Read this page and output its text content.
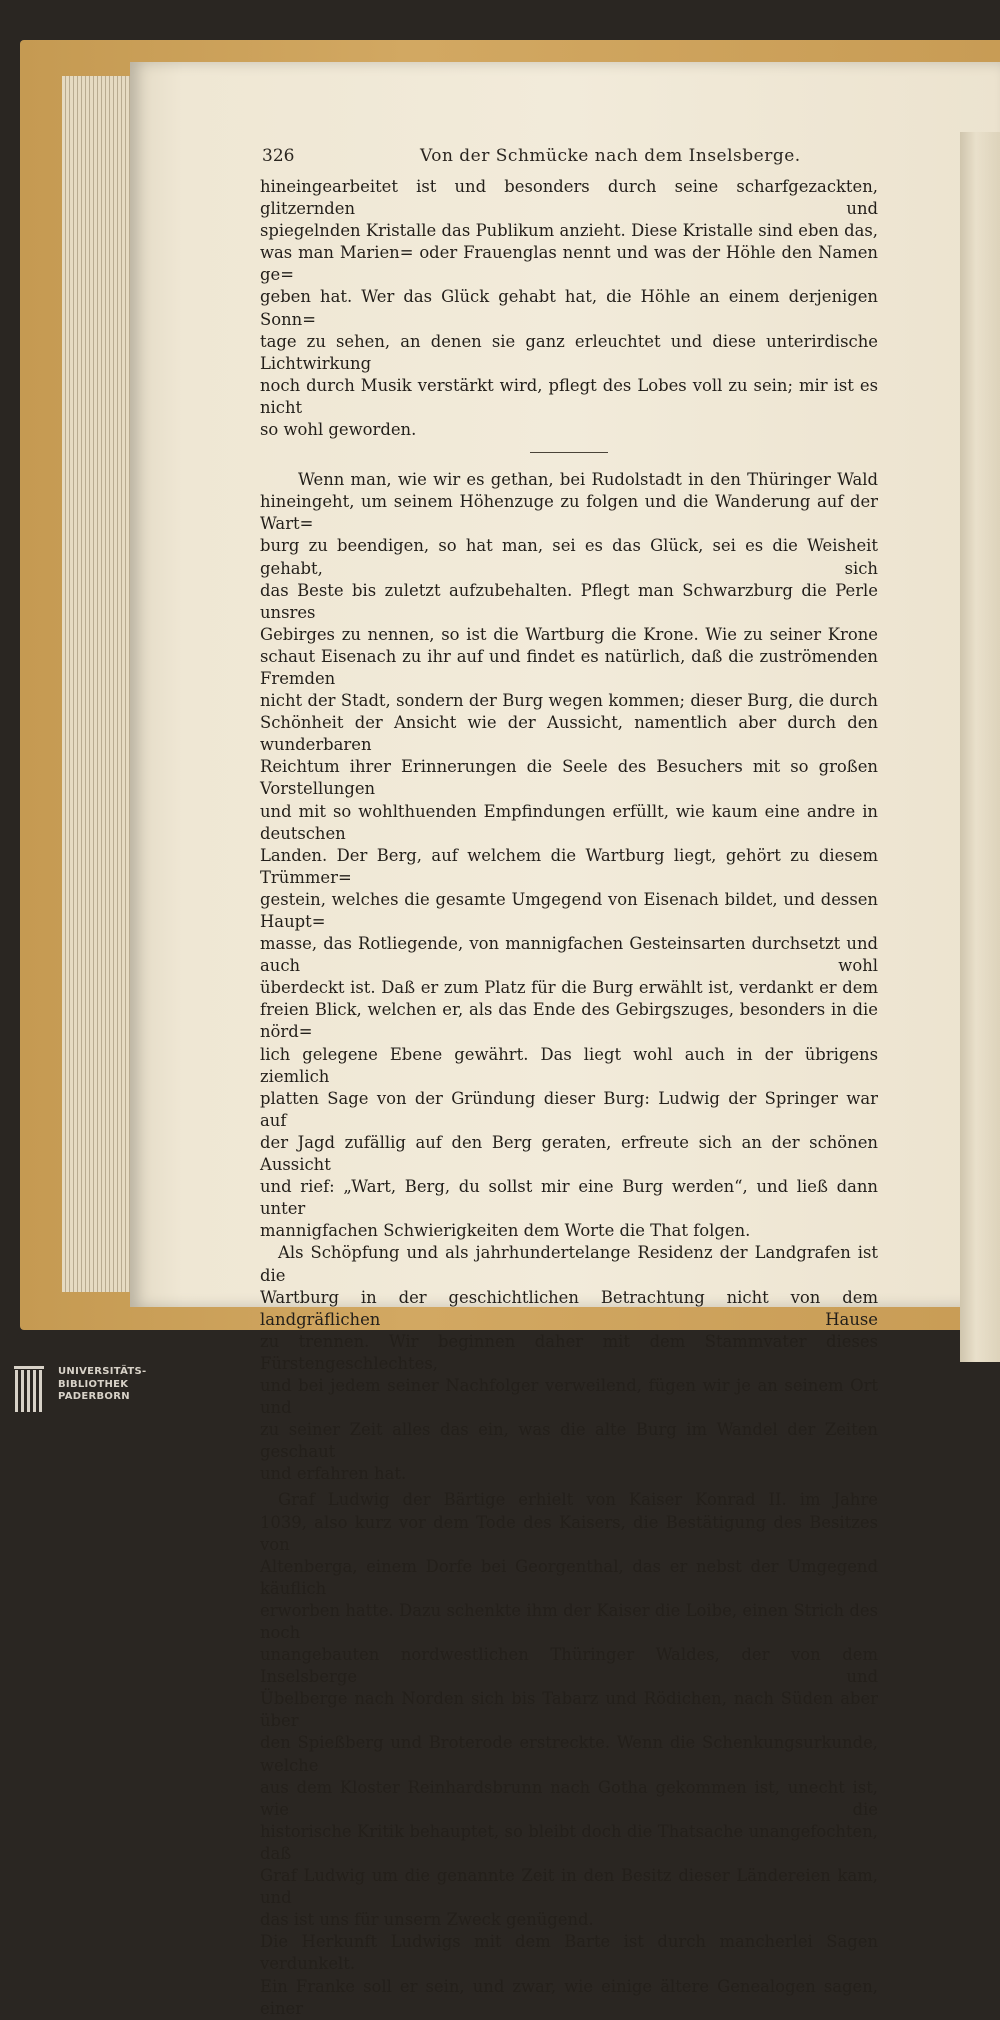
326	Von der Schmücke nach dem Inselsberge.

hineingearbeitet ist und besonders durch seine scharfgezackten, glitzernden und

spiegelnden Kristalle das Publikum anzieht. Diese Kristalle sind eben das,

was man Marien= oder Frauenglas nennt und was der Höhle den Namen ge=

geben hat. Wer das Glück gehabt hat, die Höhle an einem derjenigen Sonn=

tage zu sehen, an denen sie ganz erleuchtet und diese unterirdische Lichtwirkung

noch durch Musik verstärkt wird, pflegt des Lobes voll zu sein; mir ist es nicht

so wohl geworden.

Wenn man, wie wir es gethan, bei Rudolstadt in den Thüringer Wald

hineingeht, um seinem Höhenzuge zu folgen und die Wanderung auf der Wart=

burg zu beendigen, so hat man, sei es das Glück, sei es die Weisheit gehabt, sich

das Beste bis zuletzt aufzubehalten. Pflegt man Schwarzburg die Perle unsres

Gebirges zu nennen, so ist die Wartburg die Krone. Wie zu seiner Krone

schaut Eisenach zu ihr auf und findet es natürlich, daß die zuströmenden Fremden

nicht der Stadt, sondern der Burg wegen kommen; dieser Burg, die durch

Schönheit der Ansicht wie der Aussicht, namentlich aber durch den wunderbaren

Reichtum ihrer Erinnerungen die Seele des Besuchers mit so großen Vorstellungen

und mit so wohlthuenden Empfindungen erfüllt, wie kaum eine andre in deutschen

Landen. Der Berg, auf welchem die Wartburg liegt, gehört zu diesem Trümmer=

gestein, welches die gesamte Umgegend von Eisenach bildet, und dessen Haupt=

masse, das Rotliegende, von mannigfachen Gesteinsarten durchsetzt und auch wohl

überdeckt ist. Daß er zum Platz für die Burg erwählt ist, verdankt er dem

freien Blick, welchen er, als das Ende des Gebirgszuges, besonders in die nörd=

lich gelegene Ebene gewährt. Das liegt wohl auch in der übrigens ziemlich

platten Sage von der Gründung dieser Burg: Ludwig der Springer war auf

der Jagd zufällig auf den Berg geraten, erfreute sich an der schönen Aussicht

und rief: „Wart, Berg, du sollst mir eine Burg werden“, und ließ dann unter

mannigfachen Schwierigkeiten dem Worte die That folgen.

Als Schöpfung und als jahrhundertelange Residenz der Landgrafen ist die

Wartburg in der geschichtlichen Betrachtung nicht von dem landgräflichen Hause

zu trennen. Wir beginnen daher mit dem Stammvater dieses Fürstengeschlechtes,

und bei jedem seiner Nachfolger verweilend, fügen wir je an seinem Ort und

zu seiner Zeit alles das ein, was die alte Burg im Wandel der Zeiten geschaut

und erfahren hat.

Graf Ludwig der Bärtige erhielt von Kaiser Konrad II. im Jahre

1039, also kurz vor dem Tode des Kaisers, die Bestätigung des Besitzes von

Altenberga, einem Dorfe bei Georgenthal, das er nebst der Umgegend käuflich

erworben hatte. Dazu schenkte ihm der Kaiser die Loibe, einen Strich des noch

unangebauten nordwestlichen Thüringer Waldes, der von dem Inselsberge und

Übelberge nach Norden sich bis Tabarz und Rödichen, nach Süden aber über

den Spießberg und Broterode erstreckte. Wenn die Schenkungsurkunde, welche

aus dem Kloster Reinhardsbrunn nach Gotha gekommen ist, unecht ist, wie die

historische Kritik behauptet, so bleibt doch die Thatsache unangefochten, daß

Graf Ludwig um die genannte Zeit in den Besitz dieser Ländereien kam, und

das ist uns für unsern Zweck genügend.

Die Herkunft Ludwigs mit dem Barte ist durch mancherlei Sagen verdunkelt.

Ein Franke soll er sein, und zwar, wie einige ältere Genealogen sagen, einer

UNIVERSITÄTS-
BIBLIOTHEK
PADERBORN
